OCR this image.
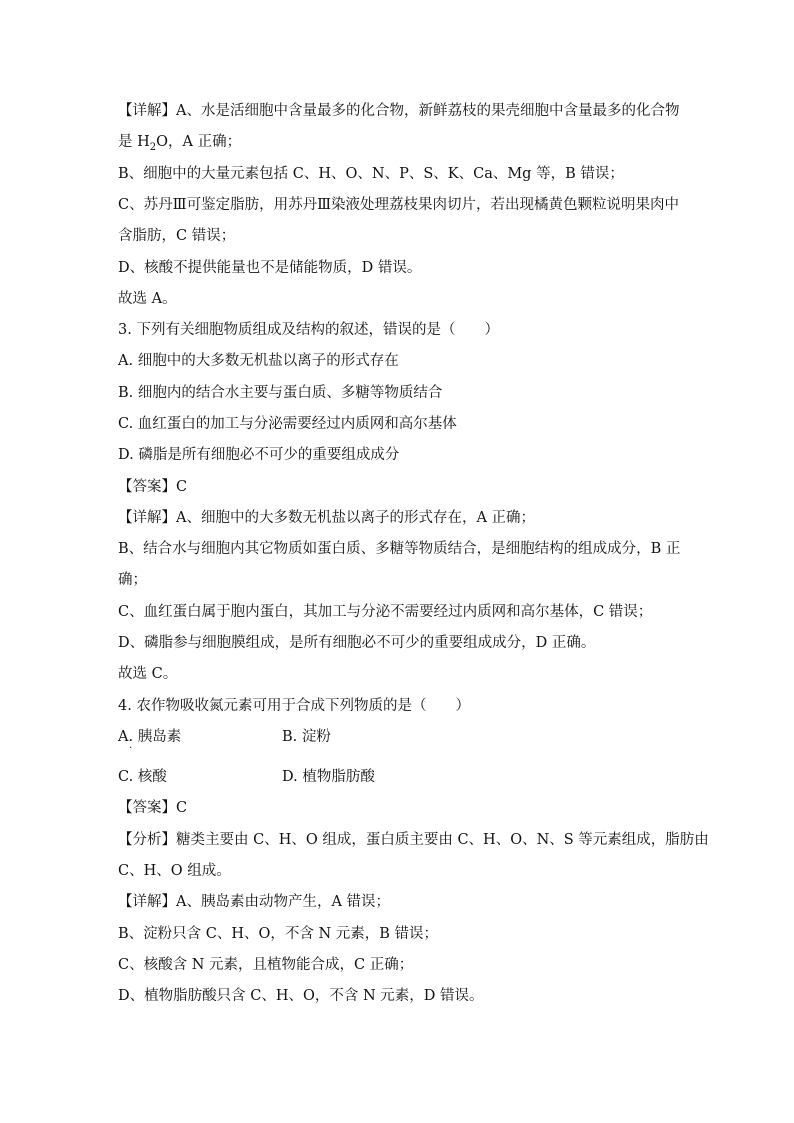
【详解】A、水是活细胞中含量最多的化合物，新鲜荔枝的果壳细胞中含量最多的化合物
是 $H_2O$，A 正确；
B、细胞中的大量元素包括 C、H、O、N、P、S、K、Ca、Mg 等，B 错误；
C、苏丹Ⅲ可鉴定脂肪，用苏丹Ⅲ染液处理荔枝果肉切片，若出现橘黄色颗粒说明果肉中
含脂肪，C 错误；
D、核酸不提供能量也不是储能物质，D 错误。
故选 A。
3. 下列有关细胞物质组成及结构的叙述，错误的是（　　）
A. 细胞中的大多数无机盐以离子的形式存在
B. 细胞内的结合水主要与蛋白质、多糖等物质结合
C. 血红蛋白的加工与分泌需要经过内质网和高尔基体
D. 磷脂是所有细胞必不可少的重要组成成分
【答案】C
【详解】A、细胞中的大多数无机盐以离子的形式存在，A 正确；
B、结合水与细胞内其它物质如蛋白质、多糖等物质结合，是细胞结构的组成成分，B 正
确；
C、血红蛋白属于胞内蛋白，其加工与分泌不需要经过内质网和高尔基体，C 错误；
D、磷脂参与细胞膜组成，是所有细胞必不可少的重要组成成分，D 正确。
故选 C。
4. 农作物吸收氮元素可用于合成下列物质的是（　　）
A. 胰岛素	B. 淀粉
·
C. 核酸	D. 植物脂肪酸
【答案】C
【分析】糖类主要由 C、H、O 组成，蛋白质主要由 C、H、O、N、S 等元素组成，脂肪由
C、H、O 组成。
【详解】A、胰岛素由动物产生，A 错误；
B、淀粉只含 C、H、O，不含 N 元素，B 错误；
C、核酸含 N 元素，且植物能合成，C 正确；
D、植物脂肪酸只含 C、H、O，不含 N 元素，D 错误。
